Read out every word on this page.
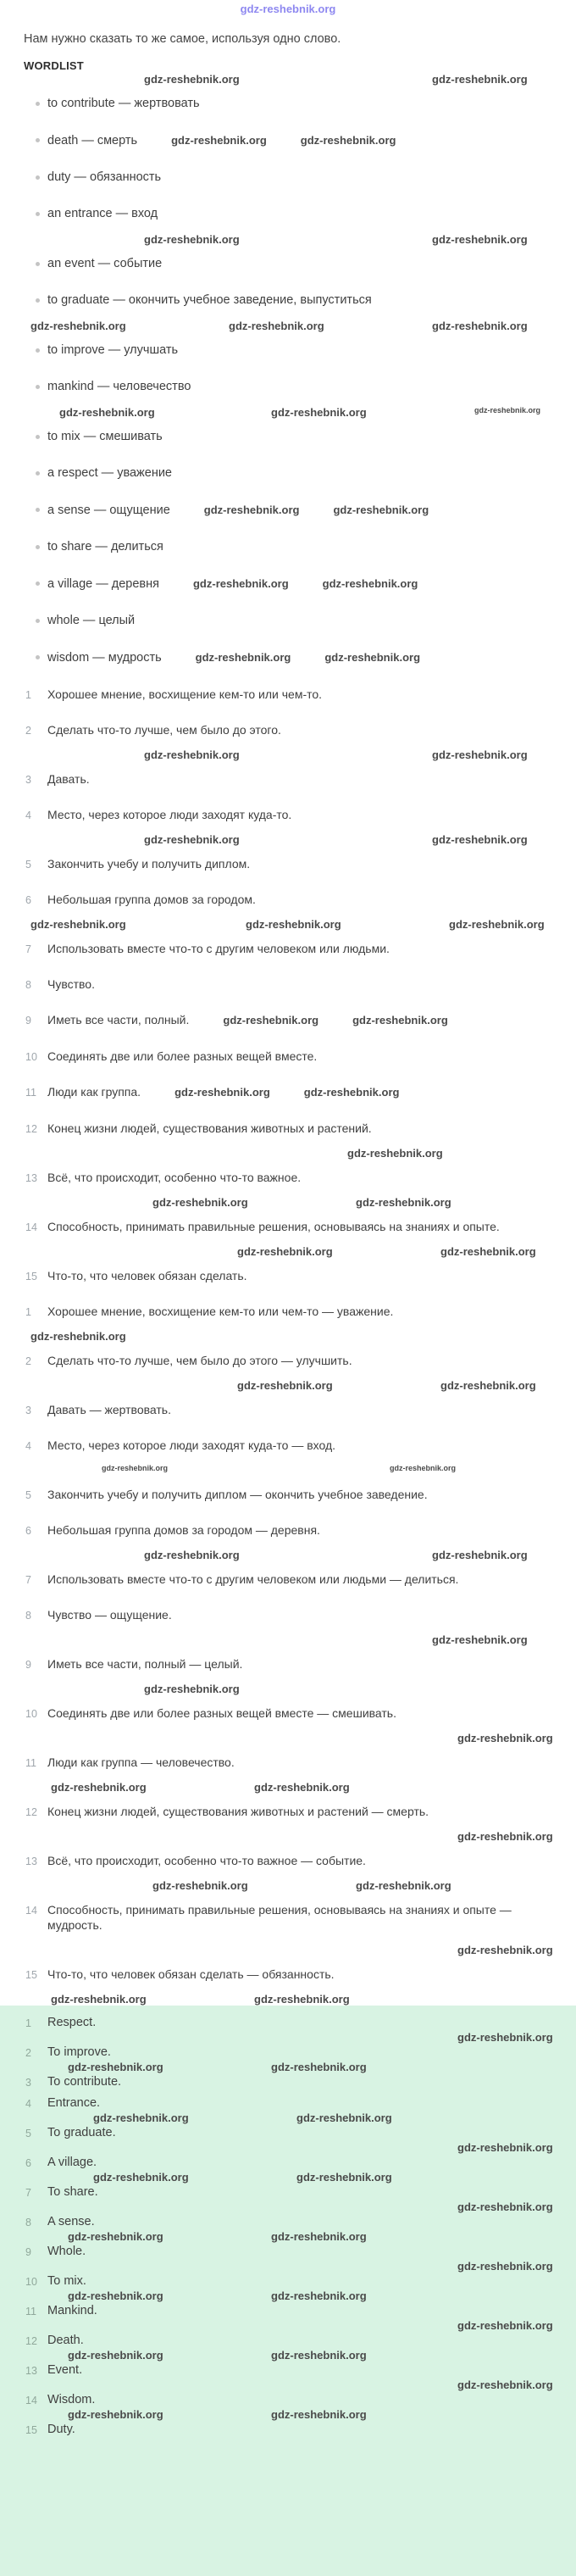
gdz-reshebnik.org

Нам нужно сказать то же самое, используя одно слово.

WORDLIST
gdz-reshebnik.org	gdz-reshebnik.org
to contribute — жертвовать
death — смерть	gdz-reshebnik.org	gdz-reshebnik.org
duty — обязанность
an entrance — вход
gdz-reshebnik.org	gdz-reshebnik.org
an event — событие
to graduate — окончить учебное заведение, выпуститься
gdz-reshebnik.org	gdz-reshebnik.org	gdz-reshebnik.org
to improve — улучшать
mankind — человечество
gdz-reshebnik.org	gdz-reshebnik.org	gdz-reshebnik.org
to mix — смешивать
a respect — уважение
a sense — ощущение	gdz-reshebnik.org	gdz-reshebnik.org
to share — делиться
a village — деревня	gdz-reshebnik.org	gdz-reshebnik.org
whole — целый
wisdom — мудрость	gdz-reshebnik.org	gdz-reshebnik.org
1 Хорошее мнение, восхищение кем-то или чем-то.
2 Сделать что-то лучше, чем было до этого.
gdz-reshebnik.org	gdz-reshebnik.org
3 Давать.
4 Место, через которое люди заходят куда-то.
gdz-reshebnik.org	gdz-reshebnik.org
5 Закончить учебу и получить диплом.
6 Небольшая группа домов за городом.
gdz-reshebnik.org	gdz-reshebnik.org	gdz-reshebnik.org
7 Использовать вместе что-то с другим человеком или людьми.
8 Чувство.
9 Иметь все части, полный.	gdz-reshebnik.org	gdz-reshebnik.org
10 Соединять две или более разных вещей вместе.
11 Люди как группа.	gdz-reshebnik.org	gdz-reshebnik.org
12 Конец жизни людей, существования животных и растений.
gdz-reshebnik.org
13 Всё, что происходит, особенно что-то важное.
gdz-reshebnik.org	gdz-reshebnik.org
14 Способность, принимать правильные решения, основываясь на знаниях и опыте.
gdz-reshebnik.org	gdz-reshebnik.org
15 Что-то, что человек обязан сделать.
1 Хорошее мнение, восхищение кем-то или чем-то — уважение.
gdz-reshebnik.org
2 Сделать что-то лучше, чем было до этого — улучшить.
gdz-reshebnik.org	gdz-reshebnik.org
3 Давать — жертвовать.
4 Место, через которое люди заходят куда-то — вход.
gdz-reshebnik.org	gdz-reshebnik.org
5 Закончить учебу и получить диплом — окончить учебное заведение.
6 Небольшая группа домов за городом — деревня.
gdz-reshebnik.org	gdz-reshebnik.org
7 Использовать вместе что-то с другим человеком или людьми — делиться.
8 Чувство — ощущение.
gdz-reshebnik.org
9 Иметь все части, полный — целый.
gdz-reshebnik.org
10 Соединять две или более разных вещей вместе — смешивать.
gdz-reshebnik.org
11 Люди как группа — человечество.
gdz-reshebnik.org	gdz-reshebnik.org
12 Конец жизни людей, существования животных и растений — смерть.
gdz-reshebnik.org
13 Всё, что происходит, особенно что-то важное — событие.
gdz-reshebnik.org	gdz-reshebnik.org
14 Способность, принимать правильные решения, основываясь на знаниях и опыте — мудрость.
gdz-reshebnik.org
15 Что-то, что человек обязан сделать — обязанность.
gdz-reshebnik.org	gdz-reshebnik.org
1 Respect.
gdz-reshebnik.org
2 To improve.
gdz-reshebnik.org	gdz-reshebnik.org
3 To contribute.
4 Entrance.
gdz-reshebnik.org	gdz-reshebnik.org
5 To graduate.
gdz-reshebnik.org
6 A village.
gdz-reshebnik.org	gdz-reshebnik.org
7 To share.
gdz-reshebnik.org
8 A sense.
gdz-reshebnik.org	gdz-reshebnik.org
9 Whole.
gdz-reshebnik.org
10 To mix.
gdz-reshebnik.org	gdz-reshebnik.org
11 Mankind.
gdz-reshebnik.org
12 Death.
gdz-reshebnik.org	gdz-reshebnik.org
13 Event.
gdz-reshebnik.org
14 Wisdom.
gdz-reshebnik.org	gdz-reshebnik.org
15 Duty.
